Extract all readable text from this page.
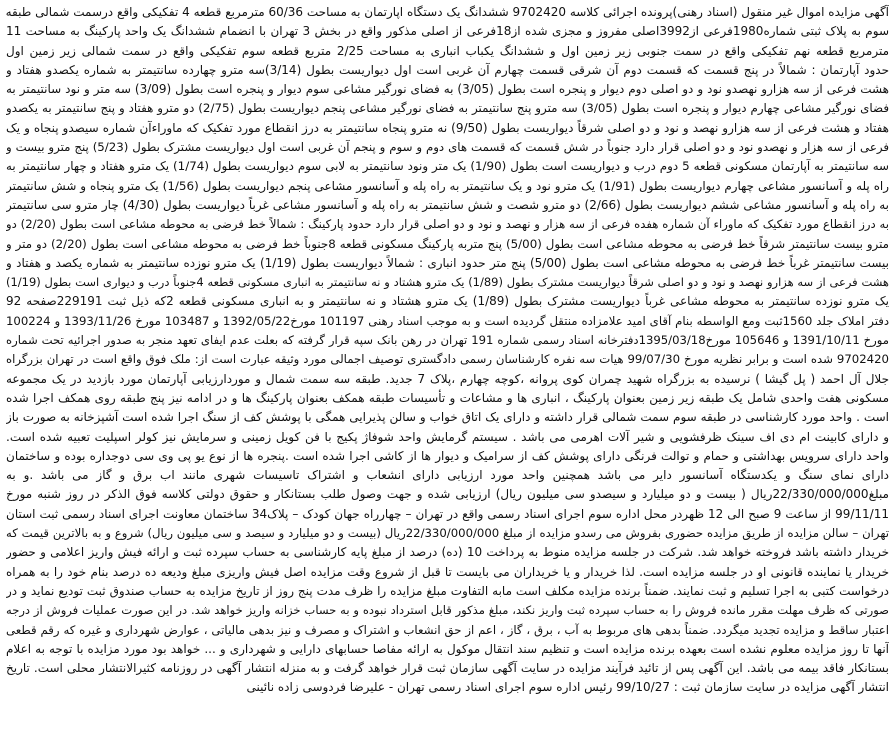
آگهی مزایده اموال غیر منقول (اسناد رهنی)پرونده اجرائی کلاسه 9702420 ششدانگ یک دستگاه اپارتمان به مساحت 60/36 مترمربع قطعه 4 تفکیکی واقع درسمت شمالی طبقه
سوم به پلاک ثبتی شماره1980فرعی از3992اصلی مفروز و مجزی شده از18فرعی از اصلی مذکور واقع در بخش 3 تهران با انضمام ششدانگ یک واحد پارکینگ به مساحت 11
مترمربع قطعه نهم تفکیکی واقع در سمت جنوبی زیر زمین اول و ششدانگ یکباب انباری به مساحت 2/25 متربع قطعه سوم تفکیکی واقع در سمت شمالی زیر زمین اول
حدود آپارتمان : شمالاً در پنج قسمت که قسمت دوم آن شرقی قسمت چهارم آن غربی است اول دیواریست بطول (3/14)سه مترو چهارده سانتیمتر به شماره یکصدو هفتاد و
هشت فرعی از سه هزارو نهصدو نود و دو اصلی دوم دیوار و پنجره است بطول (3/05) به فضای نورگیر مشاعی سوم دیوار و پنجره است بطول (3/09) سه متر و نود سانتیمتر به
فضای نورگیر مشاعی چهارم دیوار و پنجره است بطول (3/05) سه مترو پنج سانتیمتر به فضای نورگیر مشاعی پنجم دیواریست بطول (2/75) دو مترو هفتاد و پنج سانتیمتر به یکصدو
هفتاد و هشت فرعی از سه هزارو نهصد و نود و دو اصلی شرقاً دیواریست بطول (9/50) نه مترو پنجاه سانتیمتر به درز انقطاع مورد تفکیک که ماوراءآن شماره سیصدو پنجاه و یک
فرعی از سه هزار و نهصدو نود و دو اصلی قرار دارد جنوباً در شش قسمت که قسمت های دوم و سوم و پنجم آن غربی است اول دیواریست مشترک بطول (5/23) پنج مترو بیست و
سه سانتیمتر به آپارتمان مسکونی قطعه 5 دوم درب و دیواریست است بطول (1/90) یک متر ونود سانتیمتر به لابی سوم دیواریست بطول (1/74) یک مترو هفتاد و چهار سانتیمتر به
راه پله و آسانسور مشاعی چهارم دیواریست بطول (1/91) یک مترو نود و یک سانتیمتر به راه پله و آسانسور مشاعی پنجم دیواریست بطول (1/56) یک مترو پنجاه و شش سانتیمتر
به راه پله و آسانسور مشاعی ششم دیواریست بطول (2/66) دو مترو شصت و شش سانتیمتر به راه پله و آسانسور مشاعی غرباً دیواریست بطول (4/30) چار مترو سی سانتیمتر
به درز انقطاع مورد تفکیک که ماوراء آن شماره هفده فرعی از سه هزار و نهصد و نود و دو اصلی قرار دارد حدود پارکینگ : شمالاً خط فرضی به محوطه مشاعی است بطول (2/20) دو
مترو بیست سانتیمتر شرقاً خط فرضی به محوطه مشاعی است بطول (5/00) پنج متربه پارکینگ مسکونی قطعه 8جنوباً خط فرضی به محوطه مشاعی است بطول (2/20) دو متر و
بیست سانتیمتر غرباً خط فرضی به محوطه مشاعی است بطول (5/00) پنج متر حدود انباری : شمالاً دیواریست بطول (1/19) یک مترو نوزده سانتیمتر به شماره یکصد و هفتاد و
هشت فرعی از سه هزارو نهصد و نود و دو اصلی شرقاً دیواریست مشترک بطول (1/89) یک مترو هشتاد و نه سانتیمتر به انباری مسکونی قطعه 4جنوباً درب و دیواری است بطول (1/19)
یک مترو نوزده سانتیمتر به محوطه مشاعی غرباً دیواریست مشترک بطول (1/89) یک مترو هشتاد و نه سانتیمتر و به انباری مسکونی قطعه 2که ذیل ثبت 229191صفحه 92
دفتر املاک جلد 1560ثبت ومع الواسطه بنام آقای امید علامزاده منتقل گردیده است و به موجب اسناد رهنی 101197 مورخ1392/05/22 و 103487 مورخ 1393/11/26 و 100224
مورخ 1391/10/11 و 105646 مورخ1395/03/18دفترخانه اسناد رسمی شماره 191 تهران در رهن بانک سپه قرار گرفته که بعلت عدم ایفای تعهد منجر به صدور اجرائیه تحت شماره
9702420 شده است و برابر نظریه مورخ 99/07/30 هیات سه نفره کارشناسان رسمی دادگستری توصیف اجمالی مورد وثیقه عبارت است از: ملک فوق واقع است در تهران بزرگراه
جلال آل احمد ( پل گیشا ) نرسیده به بزرگراه شهید چمران کوی پروانه ،کوچه چهارم ،پلاک 7 جدید. طبقه سه سمت شمال و موردارزیابی آپارتمان مورد بازدید در یک مجموعه
مسکونی هفت واحدی شامل یک طبقه زیر زمین بعنوان پارکینگ ، انباری ها و مشاعات و تأسیسات طبقه همکف بعنوان پارکینگ ها و در ادامه نیز پنج طبقه روی همکف اجرا شده
است . واحد مورد کارشناسی در طبقه سوم سمت شمالی قرار داشته و دارای یک اتاق خواب و سالن پذیرایی همگی با پوشش کف از سنگ اجرا شده است آشپزخانه به صورت باز
و دارای کابینت ام دی اف سینک ظرفشویی و شیر آلات اهرمی می باشد . سیستم گرمایش واحد شوفاژ پکیج با فن کویل زمینی و سرمایش نیز کولر اسپلیت تعبیه شده است.
واحد دارای سرویس بهداشتی و حمام و توالت فرنگی دارای پوشش کف از سرامیک و دیوار ها از کاشی اجرا شده است .پنجره ها از نوع یو پی وی سی دوجداره بوده و ساختمان
دارای نمای سنگ و یکدستگاه آسانسور دایر می باشد همچنین واحد مورد ارزیابی دارای انشعاب و اشتراک تاسیسات شهری مانند اب برق و گاز می باشد .و به
مبلغ22/330/000/000ریال ( بیست و دو میلیارد و سیصدو سی میلیون ریال) ارزیابی شده و جهت وصول طلب بستانکار و حقوق دولتی کلاسه فوق الذکر در روز شنبه مورخ
99/11/11 از ساعت 9 صبح الی 12 ظهردر محل اداره سوم اجرای اسناد رسمی واقع در تهران – چهارراه جهان کودک – پلاک34 ساختمان معاونت اجرای اسناد رسمی ثبت استان
تهران – سالن مزایده از طریق مزایده حضوری بفروش می رسدو مزایده از مبلغ 22/330/000/000ریال (بیست و دو میلیارد و سیصد و سی میلیون ریال) شروع و به بالاترین قیمت که
خریدار داشته باشد فروخته خواهد شد. شرکت در جلسه مزایده منوط به پرداخت 10 (ده) درصد از مبلغ پایه کارشناسی به حساب سپرده ثبت و ارائه فیش واریز اعلامی و حضور
خریدار یا نماینده قانونی او در جلسه مزایده است. لذا خریدار و یا خریداران می بایست تا قبل از شروع وقت مزایده اصل فیش واریزی مبلغ ودیعه ده درصد بنام خود را به همراه
درخواست کتبی به اجرا تسلیم و ثبت نمایند. ضمناً برنده مزایده مکلف است مابه التفاوت مبلغ مزایده را ظرف مدت پنج روز از تاریخ مزایده به حساب صندوق ثبت تودیع نماید و در
صورتی که ظرف مهلت مقرر مانده فروش را به حساب سپرده ثبت واریز نکند، مبلغ مذکور قابل استرداد نبوده و به حساب خزانه واریز خواهد شد. در این صورت عملیات فروش از درجه
اعتبار ساقط و مزایده تجدید میگردد. ضمناً بدهی های مربوط به آب ، برق ، گاز ، اعم از حق انشعاب و اشتراک و مصرف و نیز بدهی مالیاتی ، عوارض شهرداری و غیره که رقم قطعی
آنها تا روز مزایده معلوم نشده است بعهده برنده مزایده است و تنظیم سند انتقال موکول به ارائه مفاصا حسابهای دارایی و شهرداری و ... خواهد بود مورد مزایده با توجه به اعلام
بستانکار فاقد بیمه می باشد. این آگهی پس از تائید فرآیند مزایده در سایت آگهی سازمان ثبت قرار خواهد گرفت و به منزله انتشار آگهی در روزنامه کثیرالانتشار محلی است. تاریخ
انتشار آگهی مزایده در سایت سازمان ثبت : 99/10/27 رئیس اداره سوم اجرای اسناد رسمی تهران - علیرضا فردوسی زاده نائینی
